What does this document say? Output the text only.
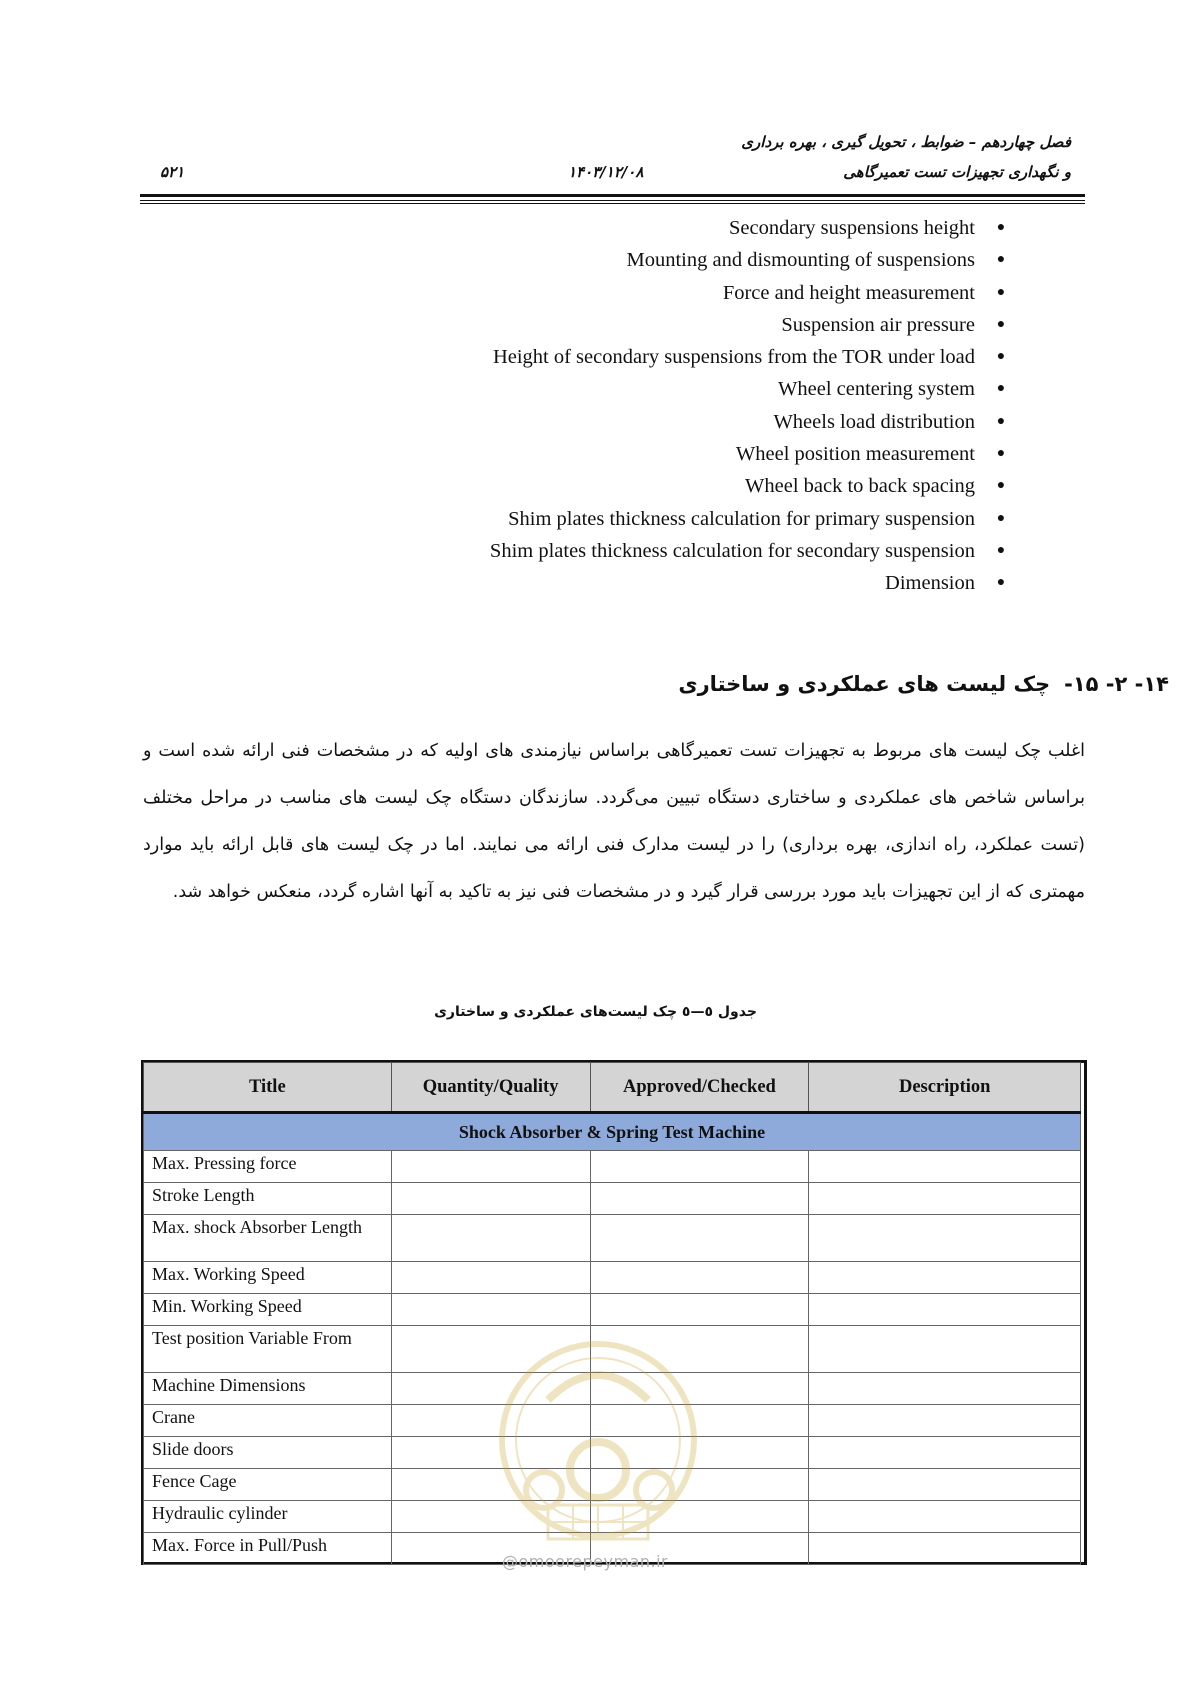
فصل چهاردهم – ضوابط ، تحویل گیری ، بهره برداری
و نگهداری تجهیزات تست تعمیرگاهی
۱۴۰۳/۱۲/۰۸
۵۲۱
●
Secondary suspensions height
●
Mounting and dismounting of suspensions
●
Force and height measurement
●
Suspension air pressure
●
Height of secondary suspensions from the TOR under load
●
Wheel centering system
●
Wheels load distribution
●
Wheel position measurement
●
Wheel back to back spacing
●
Shim plates thickness calculation for primary suspension
●
Shim plates thickness calculation for secondary suspension
●
Dimension
۱۴- ۲- ۱۵-چک لیست های عملکردی و ساختاری
اغلب چک لیست های مربوط به تجهیزات تست تعمیرگاهی براساس نیازمندی های اولیه که در مشخصات فنی ارائه شده است و براساس شاخص های عملکردی و ساختاری دستگاه تبیین می‌گردد. سازندگان دستگاه چک لیست های مناسب در مراحل مختلف (تست عملکرد، راه اندازی، بهره برداری) را در لیست مدارک فنی ارائه می نمایند. اما در چک لیست های قابل ارائه باید موارد مهمتری که از این تجهیزات باید مورد بررسی قرار گیرد و در مشخصات فنی نیز به تاکید به آنها اشاره گردد، منعکس خواهد شد.
جدول ٥—٥ چک لیست‌های عملکردی و ساختاری
Title	Quantity/Quality	Approved/Checked	Description
Shock Absorber & Spring Test Machine			
Max. Pressing force			
Stroke Length			
Max. shock Absorber Length			
Max. Working Speed			
Min. Working Speed			
Test position Variable From			
Machine Dimensions			
Crane			
Slide doors			
Fence Cage			
Hydraulic cylinder			
Max. Force in Pull/Push			
@omoorepeyman.ir
